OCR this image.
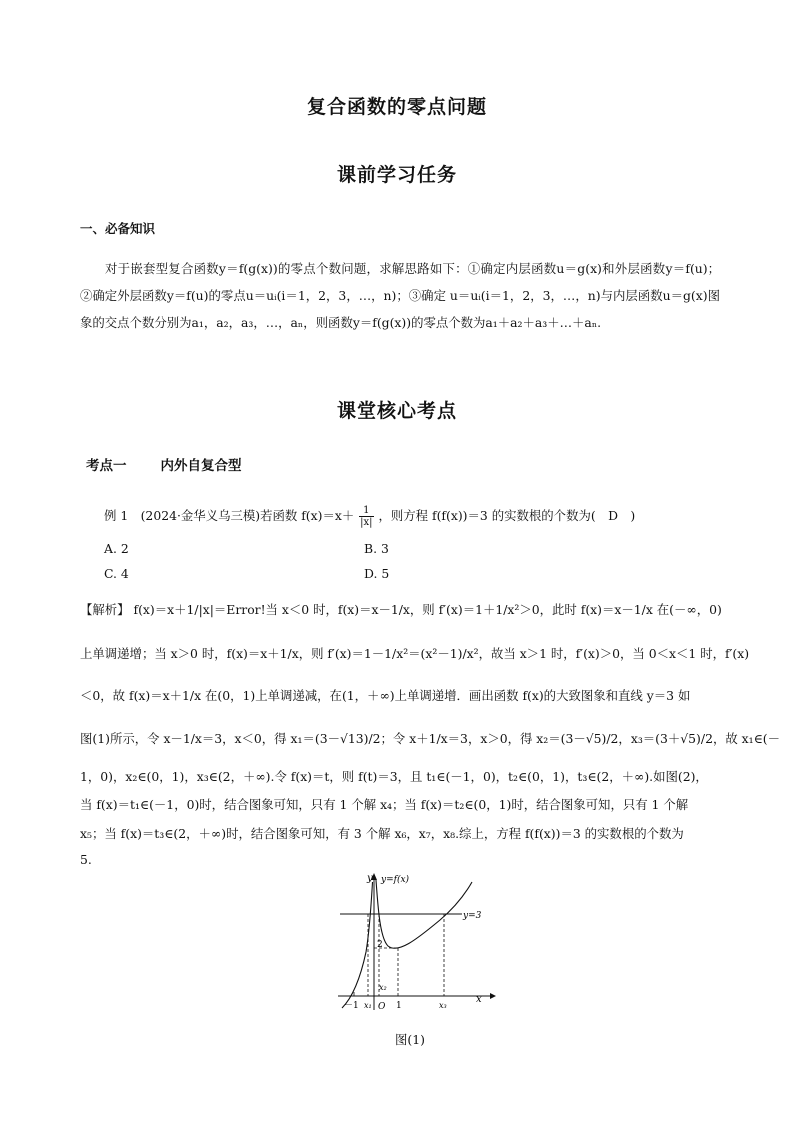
复合函数的零点问题
课前学习任务
一、必备知识
对于嵌套型复合函数y＝f(g(x))的零点个数问题，求解思路如下：①确定内层函数u＝g(x)和外层函数y＝f(u)；②确定外层函数y＝f(u)的零点u＝uᵢ(i＝1，2，3，…，n)；③确定 u＝uᵢ(i＝1，2，3，…，n)与内层函数u＝g(x)图象的交点个数分别为a₁，a₂，a₃，…，aₙ，则函数y＝f(g(x))的零点个数为a₁＋a₂＋a₃＋…＋aₙ.
课堂核心考点
考点一	内外自复合型
例 1　(2024·金华义乌三模)若函数 $f(x)=x+ \frac{1}{|x|}$ ，则方程 f(f(x))＝3 的实数根的个数为(　D　)
A. 2	B. 3
C. 4	D. 5
【解析】 f(x)＝x＋1/|x|＝Error!当 x＜0 时，f(x)＝x－1/x，则 f′(x)＝1＋1/x²＞0，此时 f(x)＝x－1/x 在(－∞，0)
上单调递增；当 x＞0 时，f(x)＝x＋1/x，则 f′(x)＝1－1/x²＝(x²－1)/x²，故当 x＞1 时，f′(x)＞0，当 0＜x＜1 时，f′(x)
＜0，故 f(x)＝x＋1/x 在(0，1)上单调递减，在(1，＋∞)上单调递增．画出函数 f(x)的大致图象和直线 y＝3 如
图(1)所示，令 x－1/x＝3，x＜0，得 x₁＝(3－√13)/2；令 x＋1/x＝3，x＞0，得 x₂＝(3－√5)/2，x₃＝(3＋√5)/2，故 x₁∈(－
1，0)，x₂∈(0，1)，x₃∈(2，＋∞).令 f(x)＝t，则 f(t)＝3，且 t₁∈(－1，0)，t₂∈(0，1)，t₃∈(2，＋∞).如图(2)，
当 f(x)＝t₁∈(－1，0)时，结合图象可知，只有 1 个解 x₄；当 f(x)＝t₂∈(0，1)时，结合图象可知，只有 1 个解
x₅；当 f(x)＝t₃∈(2，＋∞)时，结合图象可知，有 3 个解 x₆，x₇，x₈.综上，方程 f(f(x))＝3 的实数根的个数为
5.
y
x
y=f(x)
y=3
O
2
－1 x₁
x₂
1	x₃
图(1)
